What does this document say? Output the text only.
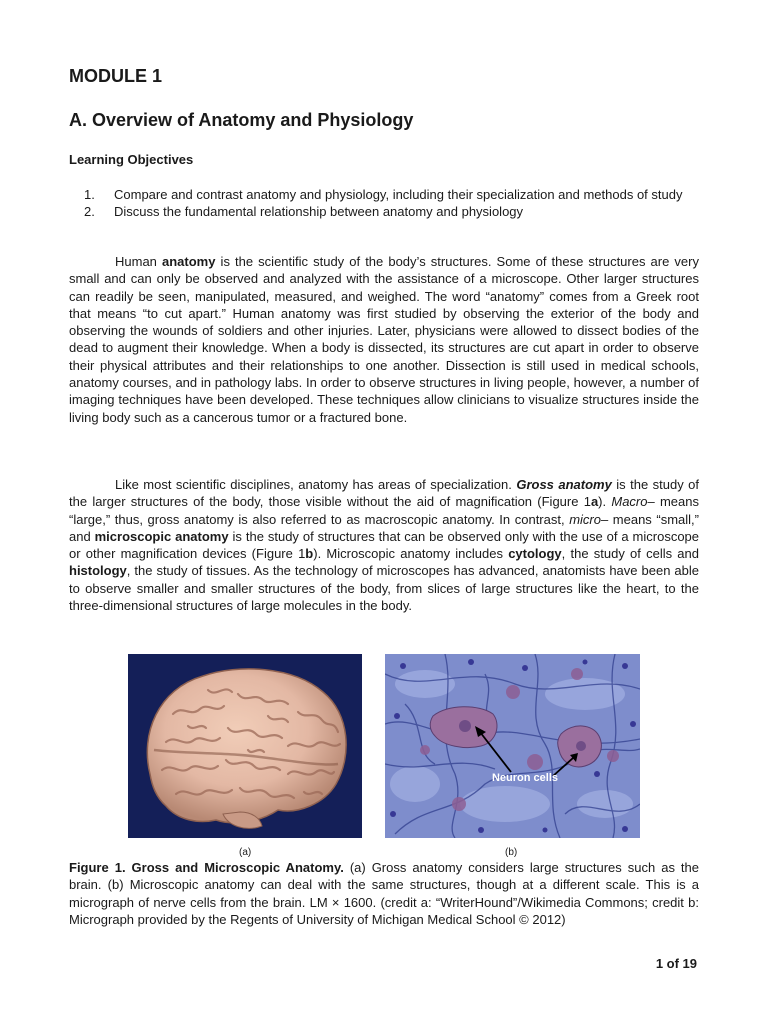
MODULE 1
A. Overview of Anatomy and Physiology
Learning Objectives
1. Compare and contrast anatomy and physiology, including their specialization and methods of study
2. Discuss the fundamental relationship between anatomy and physiology

Human anatomy is the scientific study of the body’s structures. Some of these structures are very small and can only be observed and analyzed with the assistance of a microscope. Other larger structures can readily be seen, manipulated, measured, and weighed. The word “anatomy” comes from a Greek root that means “to cut apart.” Human anatomy was first studied by observing the exterior of the body and observing the wounds of soldiers and other injuries. Later, physicians were allowed to dissect bodies of the dead to augment their knowledge. When a body is dissected, its structures are cut apart in order to observe their physical attributes and their relationships to one another. Dissection is still used in medical schools, anatomy courses, and in pathology labs. In order to observe structures in living people, however, a number of imaging techniques have been developed. These techniques allow clinicians to visualize structures inside the living body such as a cancerous tumor or a fractured bone.

Like most scientific disciplines, anatomy has areas of specialization. Gross anatomy is the study of the larger structures of the body, those visible without the aid of magnification (Figure 1a). Macro– means “large,” thus, gross anatomy is also referred to as macroscopic anatomy. In contrast, micro– means “small,” and microscopic anatomy is the study of structures that can be observed only with the use of a microscope or other magnification devices (Figure 1b). Microscopic anatomy includes cytology, the study of cells and histology, the study of tissues. As the technology of microscopes has advanced, anatomists have been able to observe smaller and smaller structures of the body, from slices of large structures like the heart, to the three-dimensional structures of large molecules in the body.

Neuron cells
(a)	(b)

Figure 1. Gross and Microscopic Anatomy. (a) Gross anatomy considers large structures such as the brain. (b) Microscopic anatomy can deal with the same structures, though at a different scale. This is a micrograph of nerve cells from the brain. LM × 1600. (credit a: “WriterHound”/Wikimedia Commons; credit b: Micrograph provided by the Regents of University of Michigan Medical School © 2012)

1 of 19
